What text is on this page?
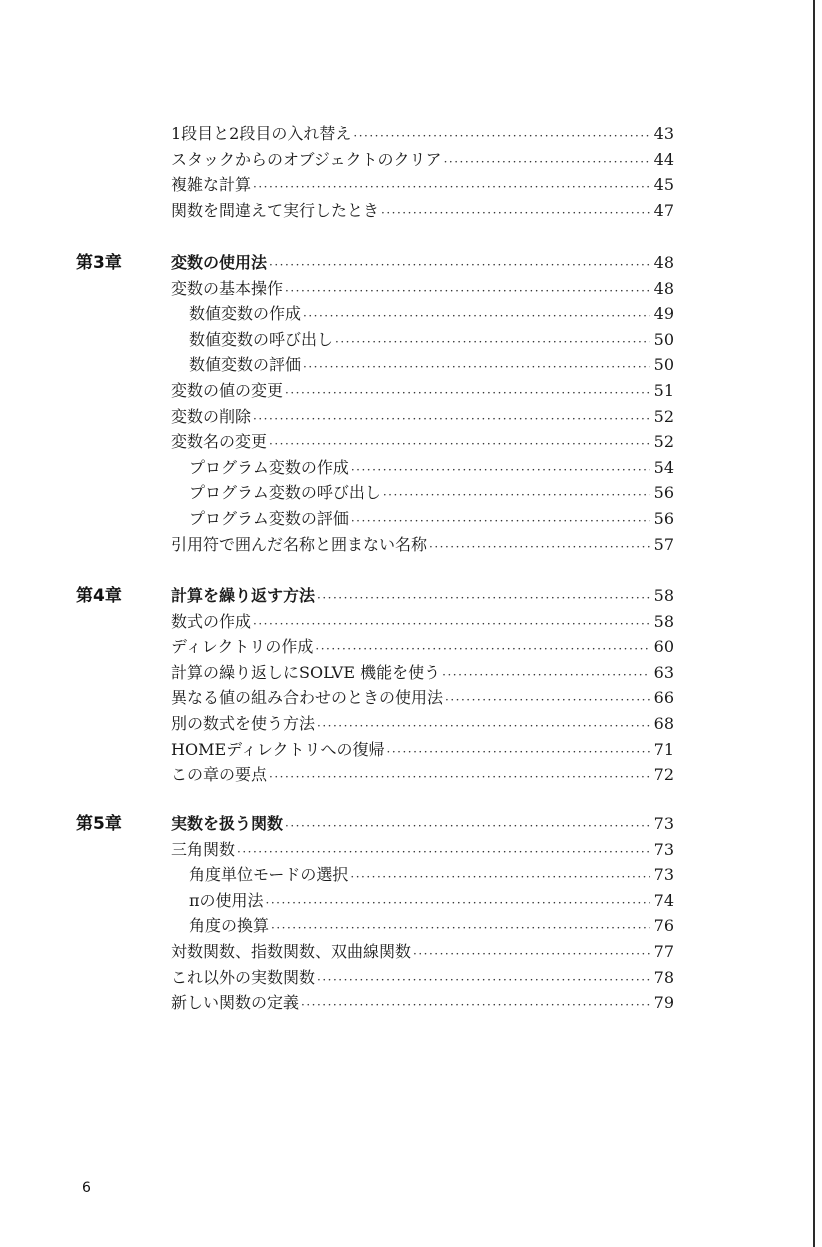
1段目と2段目の入れ替え ·····	43
スタックからのオブジェクトのクリア ·····	44
複雑な計算 ·····	45
関数を間違えて実行したとき ·····	47
第3章	変数の使用法 ·····	48
変数の基本操作 ·····	48
数値変数の作成 ·····	49
数値変数の呼び出し ·····	50
数値変数の評価 ·····	50
変数の値の変更 ·····	51
変数の削除 ·····	52
変数名の変更 ·····	52
プログラム変数の作成 ·····	54
プログラム変数の呼び出し ·····	56
プログラム変数の評価 ·····	56
引用符で囲んだ名称と囲まない名称 ·····	57
第4章	計算を繰り返す方法 ·····	58
数式の作成 ·····	58
ディレクトリの作成 ·····	60
計算の繰り返しにSOLVE 機能を使う ·····	63
異なる値の組み合わせのときの使用法 ·····	66
別の数式を使う方法 ·····	68
HOMEディレクトリへの復帰 ·····	71
この章の要点 ·····	72
第5章	実数を扱う関数 ·····	73
三角関数 ·····	73
角度単位モードの選択 ·····	73
πの使用法 ·····	74
角度の換算 ·····	76
対数関数、指数関数、双曲線関数 ·····	77
これ以外の実数関数 ·····	78
新しい関数の定義 ·····	79
6
